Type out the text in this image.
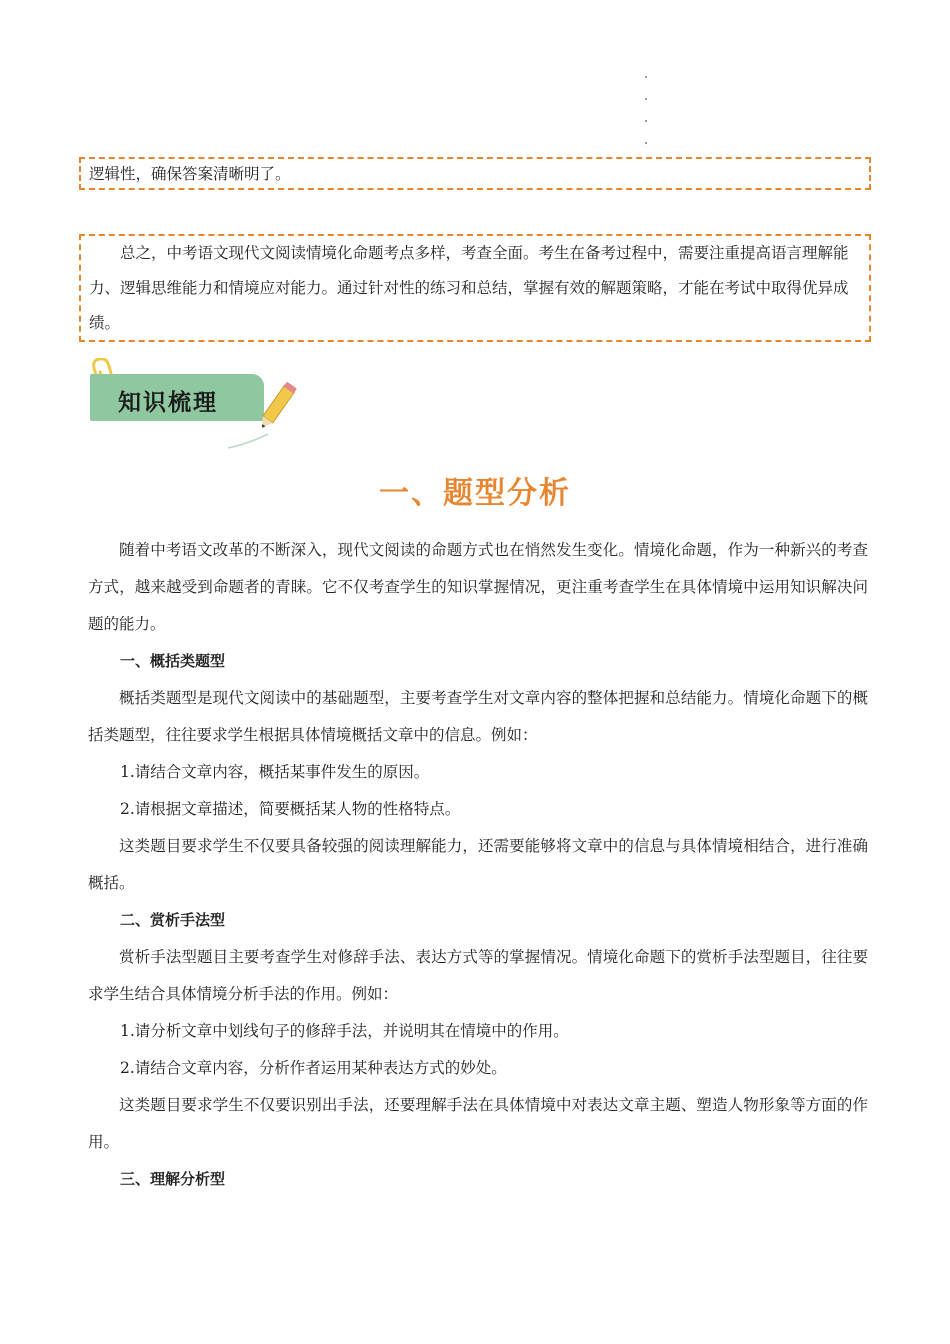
逻辑性，确保答案清晰明了。
总之，中考语文现代文阅读情境化命题考点多样，考查全面。考生在备考过程中，需要注重提高语言理解能力、逻辑思维能力和情境应对能力。通过针对性的练习和总结，掌握有效的解题策略，才能在考试中取得优异成绩。
知识梳理
一、题型分析

随着中考语文改革的不断深入，现代文阅读的命题方式也在悄然发生变化。情境化命题，作为一种新兴的考查方式，越来越受到命题者的青睐。它不仅考查学生的知识掌握情况，更注重考查学生在具体情境中运用知识解决问题的能力。

一、概括类题型

概括类题型是现代文阅读中的基础题型，主要考查学生对文章内容的整体把握和总结能力。情境化命题下的概括类题型，往往要求学生根据具体情境概括文章中的信息。例如：

1.请结合文章内容，概括某事件发生的原因。

2.请根据文章描述，简要概括某人物的性格特点。

这类题目要求学生不仅要具备较强的阅读理解能力，还需要能够将文章中的信息与具体情境相结合，进行准确概括。

二、赏析手法型

赏析手法型题目主要考查学生对修辞手法、表达方式等的掌握情况。情境化命题下的赏析手法型题目，往往要求学生结合具体情境分析手法的作用。例如：

1.请分析文章中划线句子的修辞手法，并说明其在情境中的作用。

2.请结合文章内容，分析作者运用某种表达方式的妙处。

这类题目要求学生不仅要识别出手法，还要理解手法在具体情境中对表达文章主题、塑造人物形象等方面的作用。

三、理解分析型
